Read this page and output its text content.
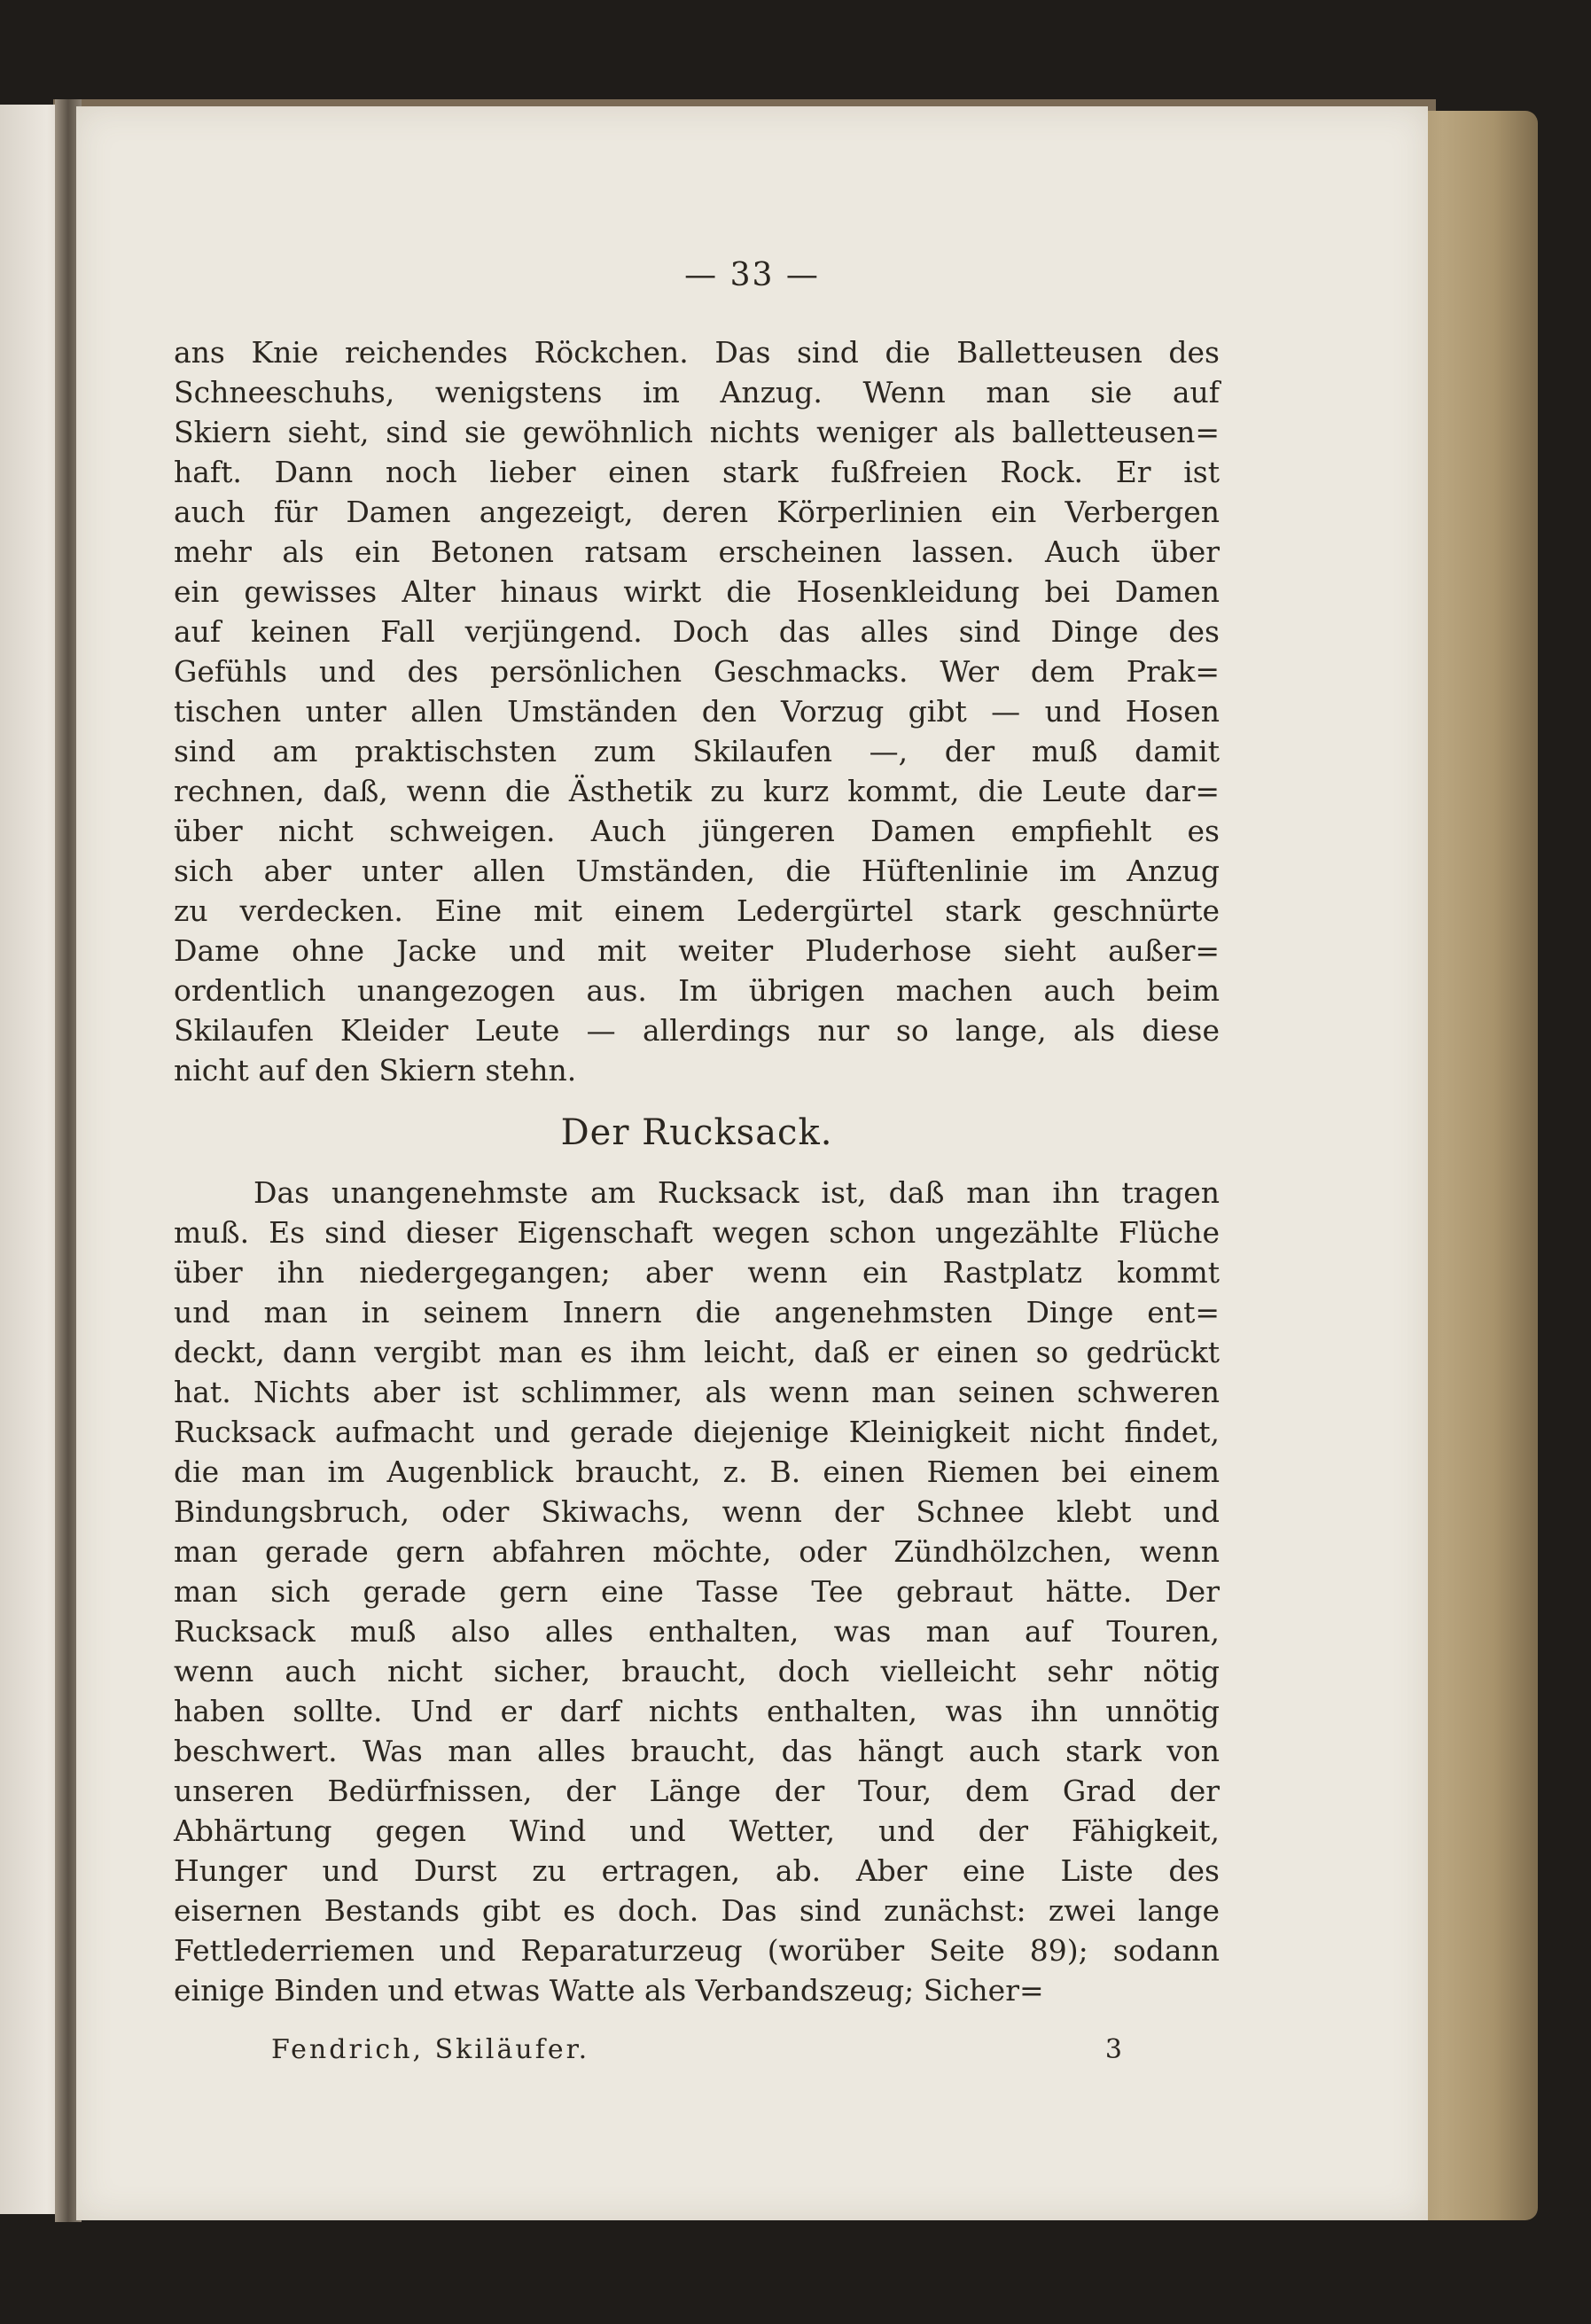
— 33 —
ans Knie reichendes Röckchen. Das sind die Balletteusen des
Schneeschuhs, wenigstens im Anzug. Wenn man sie auf
Skiern sieht, sind sie gewöhnlich nichts weniger als balletteusen=
haft. Dann noch lieber einen stark fußfreien Rock. Er ist
auch für Damen angezeigt, deren Körperlinien ein Verbergen
mehr als ein Betonen ratsam erscheinen lassen. Auch über
ein gewisses Alter hinaus wirkt die Hosenkleidung bei Damen
auf keinen Fall verjüngend. Doch das alles sind Dinge des
Gefühls und des persönlichen Geschmacks. Wer dem Prak=
tischen unter allen Umständen den Vorzug gibt — und Hosen
sind am praktischsten zum Skilaufen —, der muß damit
rechnen, daß, wenn die Ästhetik zu kurz kommt, die Leute dar=
über nicht schweigen. Auch jüngeren Damen empfiehlt es
sich aber unter allen Umständen, die Hüftenlinie im Anzug
zu verdecken. Eine mit einem Ledergürtel stark geschnürte
Dame ohne Jacke und mit weiter Pluderhose sieht außer=
ordentlich unangezogen aus. Im übrigen machen auch beim
Skilaufen Kleider Leute — allerdings nur so lange, als diese
nicht auf den Skiern stehn.
Der Rucksack.
Das unangenehmste am Rucksack ist, daß man ihn tragen
muß. Es sind dieser Eigenschaft wegen schon ungezählte Flüche
über ihn niedergegangen; aber wenn ein Rastplatz kommt
und man in seinem Innern die angenehmsten Dinge ent=
deckt, dann vergibt man es ihm leicht, daß er einen so gedrückt
hat. Nichts aber ist schlimmer, als wenn man seinen schweren
Rucksack aufmacht und gerade diejenige Kleinigkeit nicht findet,
die man im Augenblick braucht, z. B. einen Riemen bei einem
Bindungsbruch, oder Skiwachs, wenn der Schnee klebt und
man gerade gern abfahren möchte, oder Zündhölzchen, wenn
man sich gerade gern eine Tasse Tee gebraut hätte. Der
Rucksack muß also alles enthalten, was man auf Touren,
wenn auch nicht sicher, braucht, doch vielleicht sehr nötig
haben sollte. Und er darf nichts enthalten, was ihn unnötig
beschwert. Was man alles braucht, das hängt auch stark von
unseren Bedürfnissen, der Länge der Tour, dem Grad der
Abhärtung gegen Wind und Wetter, und der Fähigkeit,
Hunger und Durst zu ertragen, ab. Aber eine Liste des
eisernen Bestands gibt es doch. Das sind zunächst: zwei lange
Fettlederriemen und Reparaturzeug (worüber Seite 89); sodann
einige Binden und etwas Watte als Verbandszeug; Sicher=
Fendrich, Skiläufer.	3
